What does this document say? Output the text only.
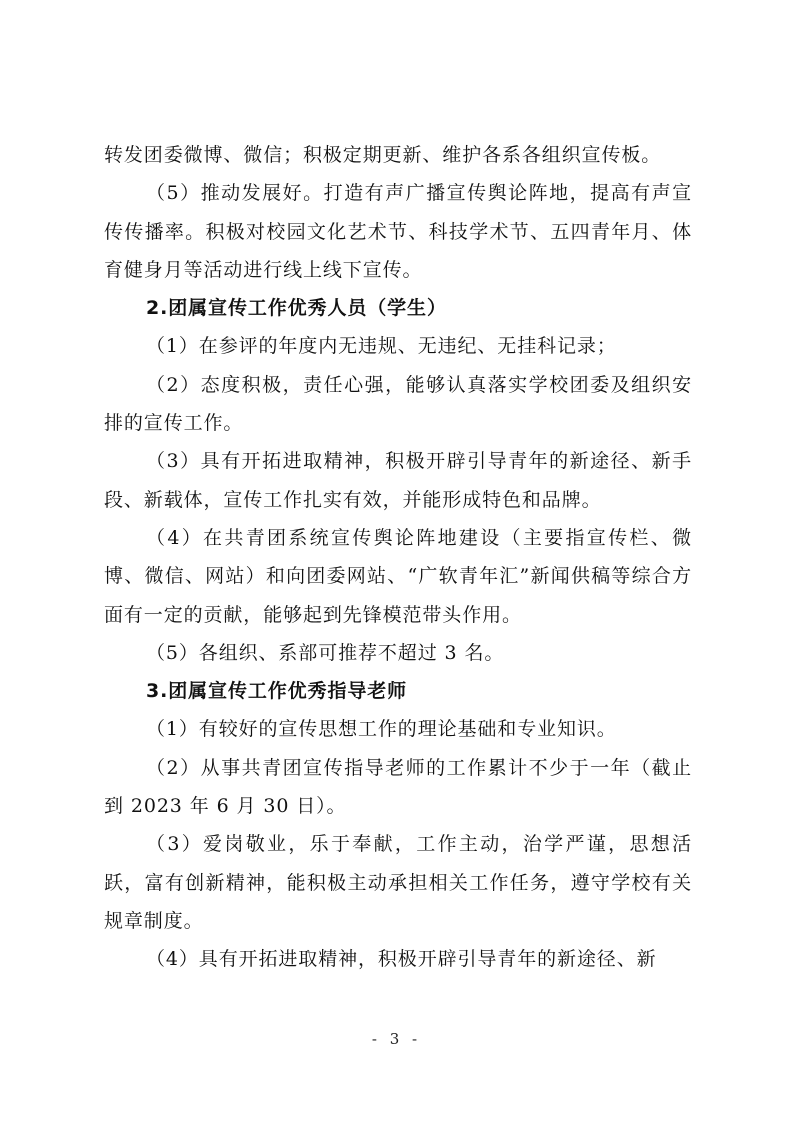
转发团委微博、微信；积极定期更新、维护各系各组织宣传板。

（5）推动发展好。打造有声广播宣传舆论阵地，提高有声宣传传播率。积极对校园文化艺术节、科技学术节、五四青年月、体育健身月等活动进行线上线下宣传。

2.团属宣传工作优秀人员（学生）

（1）在参评的年度内无违规、无违纪、无挂科记录；

（2）态度积极，责任心强，能够认真落实学校团委及组织安排的宣传工作。

（3）具有开拓进取精神，积极开辟引导青年的新途径、新手段、新载体，宣传工作扎实有效，并能形成特色和品牌。

（4）在共青团系统宣传舆论阵地建设（主要指宣传栏、微博、微信、网站）和向团委网站、“广软青年汇”新闻供稿等综合方面有一定的贡献，能够起到先锋模范带头作用。

（5）各组织、系部可推荐不超过 3 名。

3.团属宣传工作优秀指导老师

（1）有较好的宣传思想工作的理论基础和专业知识。

（2）从事共青团宣传指导老师的工作累计不少于一年（截止到 2023 年 6 月 30 日）。

（3）爱岗敬业，乐于奉献，工作主动，治学严谨，思想活跃，富有创新精神，能积极主动承担相关工作任务，遵守学校有关规章制度。

（4）具有开拓进取精神，积极开辟引导青年的新途径、新

- 3 -
